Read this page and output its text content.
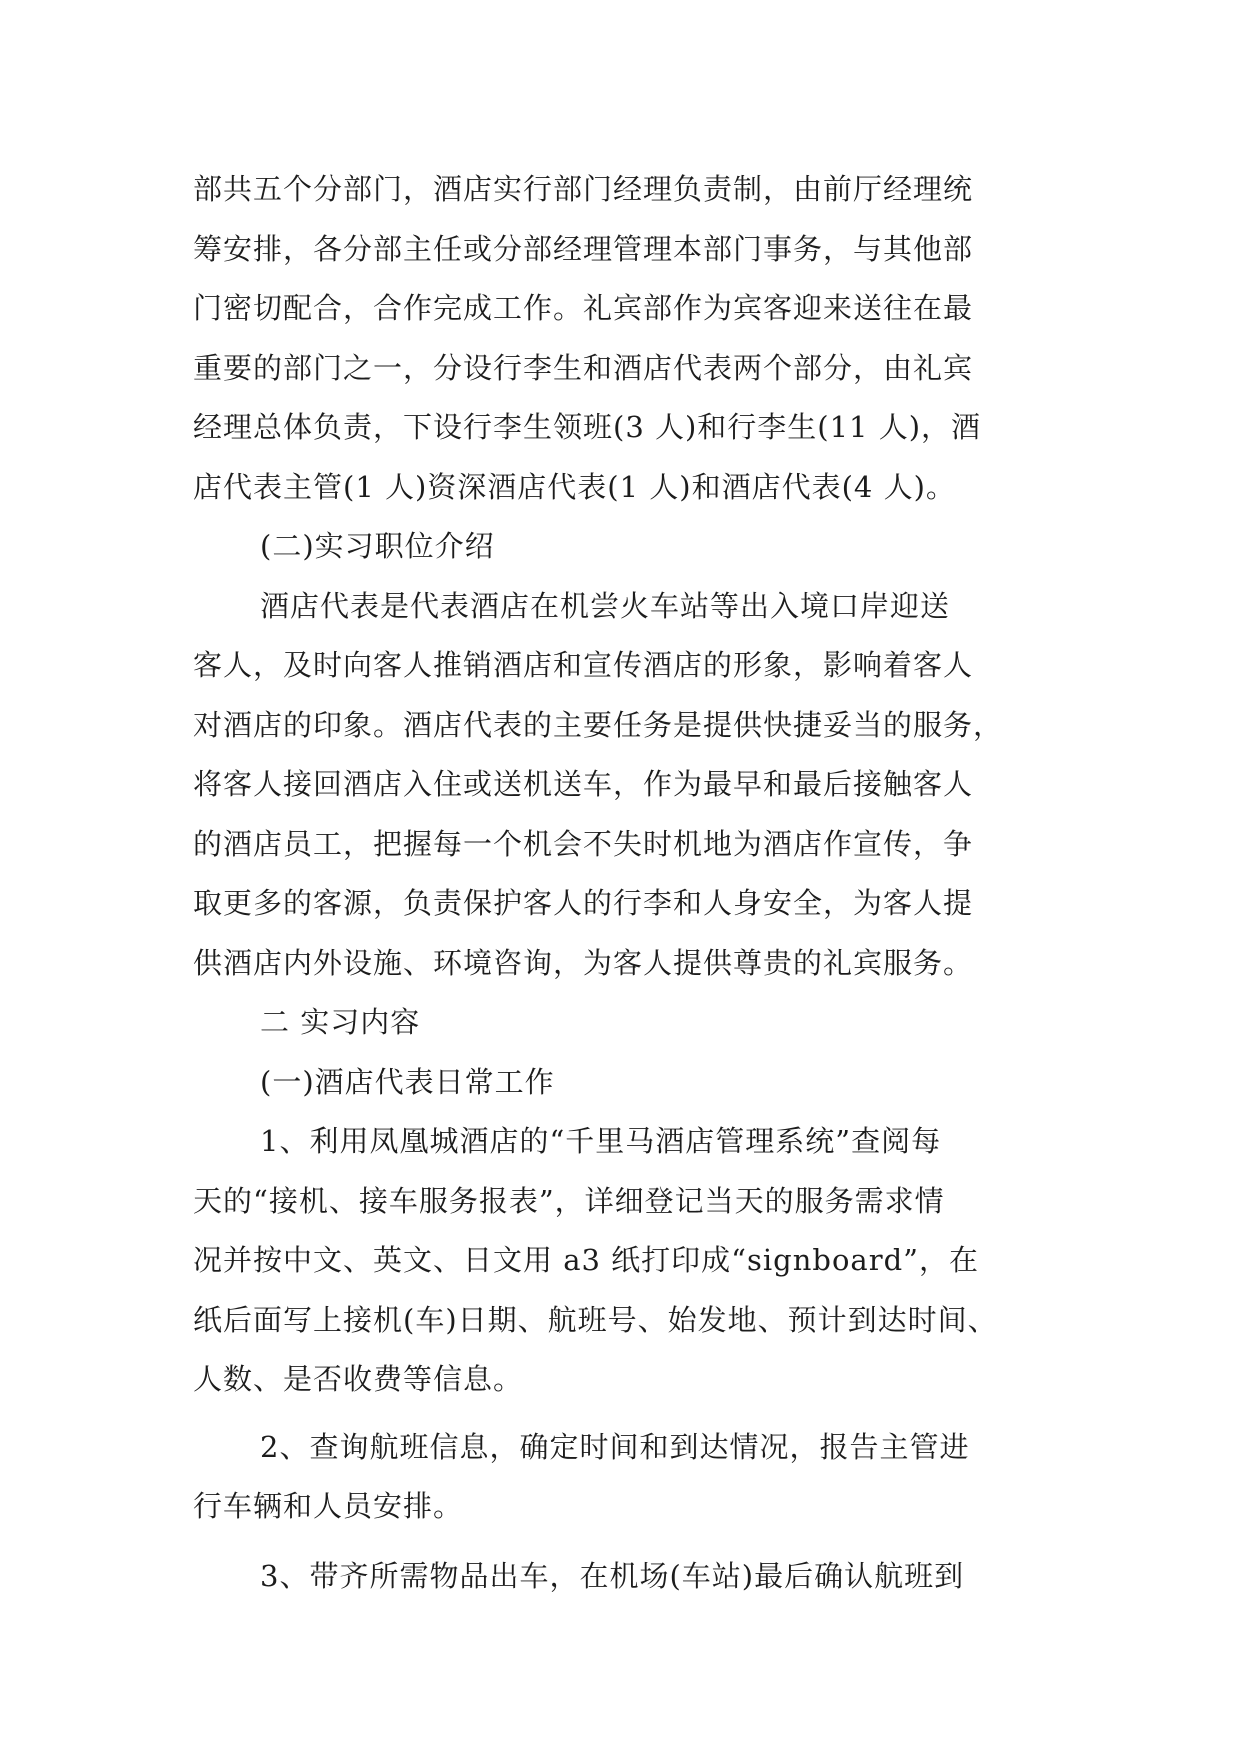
部共五个分部门，酒店实行部门经理负责制，由前厅经理统
筹安排，各分部主任或分部经理管理本部门事务，与其他部
门密切配合，合作完成工作。礼宾部作为宾客迎来送往在最
重要的部门之一，分设行李生和酒店代表两个部分，由礼宾
经理总体负责，下设行李生领班(3 人)和行李生(11 人)，酒
店代表主管(1 人)资深酒店代表(1 人)和酒店代表(4 人)。
(二)实习职位介绍
酒店代表是代表酒店在机尝火车站等出入境口岸迎送
客人，及时向客人推销酒店和宣传酒店的形象，影响着客人
对酒店的印象。酒店代表的主要任务是提供快捷妥当的服务，
将客人接回酒店入住或送机送车，作为最早和最后接触客人
的酒店员工，把握每一个机会不失时机地为酒店作宣传，争
取更多的客源，负责保护客人的行李和人身安全，为客人提
供酒店内外设施、环境咨询，为客人提供尊贵的礼宾服务。
二 实习内容
(一)酒店代表日常工作
1、利用凤凰城酒店的“千里马酒店管理系统”查阅每
天的“接机、接车服务报表”，详细登记当天的服务需求情
况并按中文、英文、日文用 a3 纸打印成“signboard”，在
纸后面写上接机(车)日期、航班号、始发地、预计到达时间、
人数、是否收费等信息。
2、查询航班信息，确定时间和到达情况，报告主管进
行车辆和人员安排。
3、带齐所需物品出车，在机场(车站)最后确认航班到
